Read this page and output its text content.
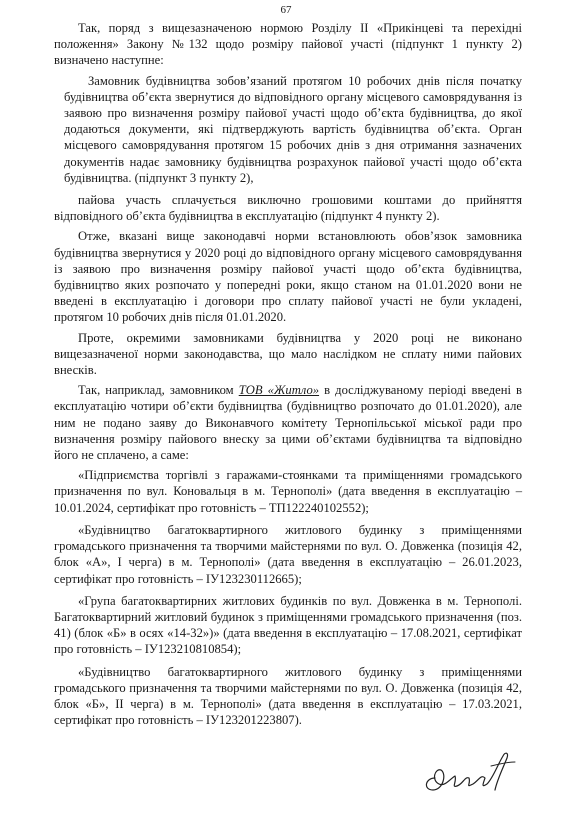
67

Так, поряд з вищезазначеною нормою Розділу ІІ «Прикінцеві та перехідні положення» Закону №132 щодо розміру пайової участі (підпункт 1 пункту 2) визначено наступне:

Замовник будівництва зобов’язаний протягом 10 робочих днів після початку будівництва об’єкта звернутися до відповідного органу місцевого самоврядування із заявою про визначення розміру пайової участі щодо об’єкта будівництва, до якої додаються документи, які підтверджують вартість будівництва об’єкта. Орган місцевого самоврядування протягом 15 робочих днів з дня отримання зазначених документів надає замовнику будівництва розрахунок пайової участі щодо об’єкта будівництва. (підпункт 3 пункту 2),

пайова участь сплачується виключно грошовими коштами до прийняття відповідного об’єкта будівництва в експлуатацію (підпункт 4 пункту 2).

Отже, вказані вище законодавчі норми встановлюють обов’язок замовника будівництва звернутися у 2020 році до відповідного органу місцевого самоврядування із заявою про визначення розміру пайової участі щодо об’єкта будівництва, будівництво яких розпочато у попередні роки, якщо станом на 01.01.2020 вони не введені в експлуатацію і договори про сплату пайової участі не були укладені, протягом 10 робочих днів після 01.01.2020.

Проте, окремими замовниками будівництва у 2020 році не виконано вищезазначеної норми законодавства, що мало наслідком не сплату ними пайових внесків.

Так, наприклад, замовником ТОВ «Житло» в досліджуваному періоді введені в експлуатацію чотири об’єкти будівництва (будівництво розпочато до 01.01.2020), але ним не подано заяву до Виконавчого комітету Тернопільської міської ради про визначення розміру пайового внеску за цими об’єктами будівництва та відповідно його не сплачено, а саме:

«Підприємства торгівлі з гаражами-стоянками та приміщеннями громадського призначення по вул. Коновальця в м. Тернополі» (дата введення в експлуатацію – 10.01.2024, сертифікат про готовність – ТП122240102552);

«Будівництво багатоквартирного житлового будинку з приміщеннями громадського призначення та творчими майстернями по вул. О. Довженка (позиція 42, блок «А», І черга) в м. Тернополі» (дата введення в експлуатацію – 26.01.2023, сертифікат про готовність – ІУ123230112665);

«Група багатоквартирних житлових будинків по вул. Довженка в м. Тернополі. Багатоквартирний житловий будинок з приміщеннями громадського призначення (поз. 41) (блок «Б» в осях «14-32»)» (дата введення в експлуатацію – 17.08.2021, сертифікат про готовність – ІУ123210810854);

«Будівництво багатоквартирного житлового будинку з приміщеннями громадського призначення та творчими майстернями по вул. О. Довженка (позиція 42, блок «Б», ІІ черга) в м. Тернополі» (дата введення в експлуатацію – 17.03.2021, сертифікат про готовність – ІУ123201223807).
